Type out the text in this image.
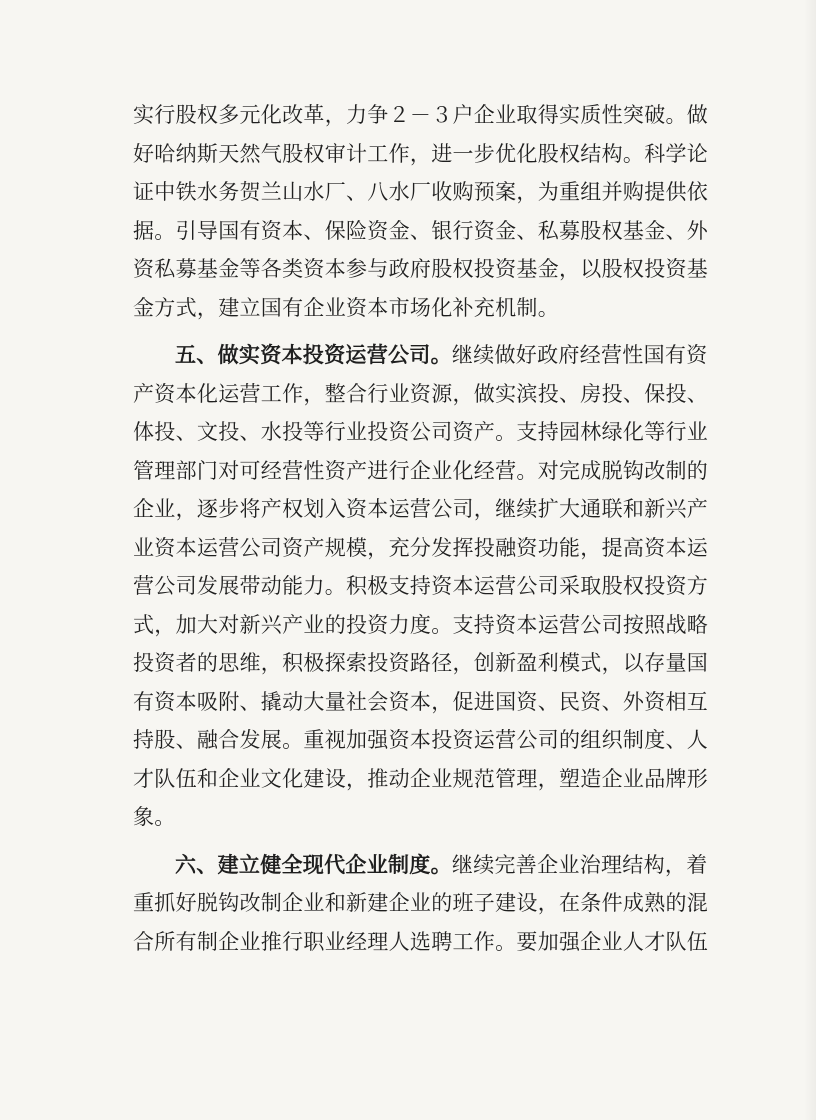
实行股权多元化改革，力争２－３户企业取得实质性突破。做
好哈纳斯天然气股权审计工作，进一步优化股权结构。科学论
证中铁水务贺兰山水厂、八水厂收购预案，为重组并购提供依
据。引导国有资本、保险资金、银行资金、私募股权基金、外
资私募基金等各类资本参与政府股权投资基金，以股权投资基
金方式，建立国有企业资本市场化补充机制。
五、做实资本投资运营公司。继续做好政府经营性国有资
产资本化运营工作，整合行业资源，做实滨投、房投、保投、
体投、文投、水投等行业投资公司资产。支持园林绿化等行业
管理部门对可经营性资产进行企业化经营。对完成脱钩改制的
企业，逐步将产权划入资本运营公司，继续扩大通联和新兴产
业资本运营公司资产规模，充分发挥投融资功能，提高资本运
营公司发展带动能力。积极支持资本运营公司采取股权投资方
式，加大对新兴产业的投资力度。支持资本运营公司按照战略
投资者的思维，积极探索投资路径，创新盈利模式，以存量国
有资本吸附、撬动大量社会资本，促进国资、民资、外资相互
持股、融合发展。重视加强资本投资运营公司的组织制度、人
才队伍和企业文化建设，推动企业规范管理，塑造企业品牌形
象。
六、建立健全现代企业制度。继续完善企业治理结构，着
重抓好脱钩改制企业和新建企业的班子建设，在条件成熟的混
合所有制企业推行职业经理人选聘工作。要加强企业人才队伍
